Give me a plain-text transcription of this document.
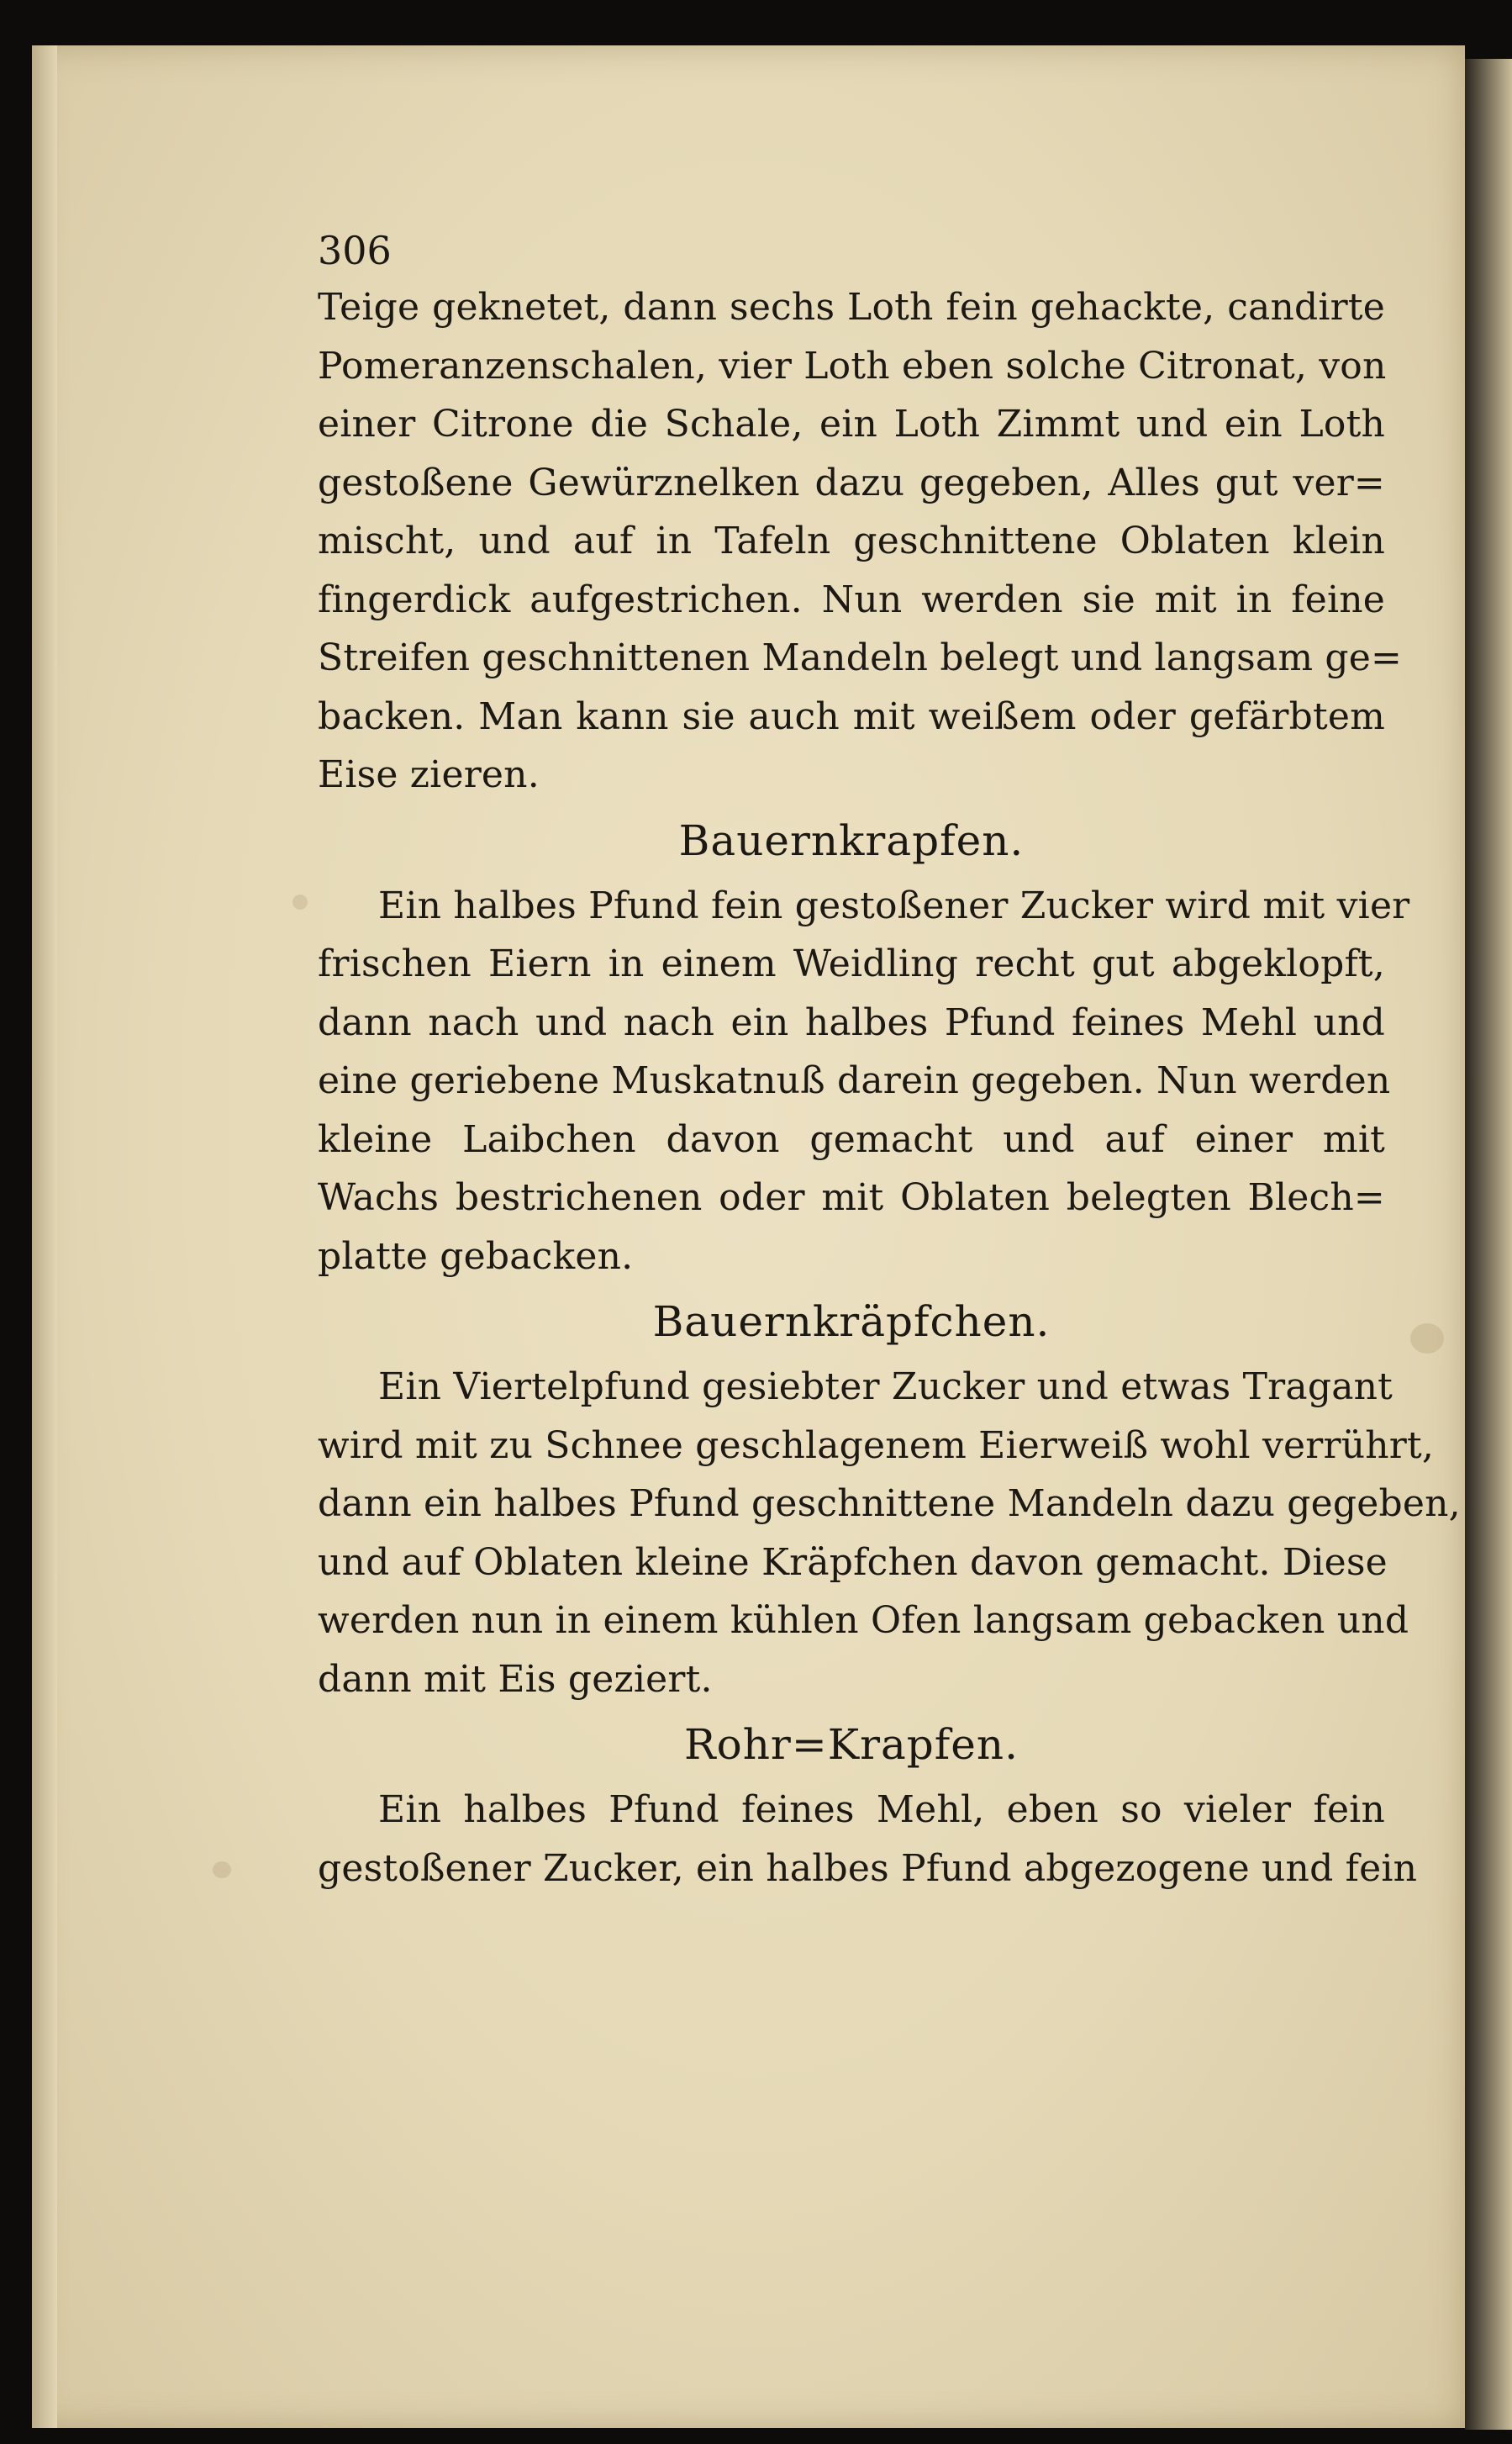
306
Teige geknetet, dann sechs Loth fein gehackte, candirte
Pomeranzenschalen, vier Loth eben solche Citronat, von
einer Citrone die Schale, ein Loth Zimmt und ein Loth
gestoßene Gewürznelken dazu gegeben, Alles gut ver=
mischt, und auf in Tafeln geschnittene Oblaten klein
fingerdick aufgestrichen. Nun werden sie mit in feine
Streifen geschnittenen Mandeln belegt und langsam ge=
backen. Man kann sie auch mit weißem oder gefärbtem
Eise zieren.
Bauernkrapfen.
Ein halbes Pfund fein gestoßener Zucker wird mit vier
frischen Eiern in einem Weidling recht gut abgeklopft,
dann nach und nach ein halbes Pfund feines Mehl und
eine geriebene Muskatnuß darein gegeben. Nun werden
kleine Laibchen davon gemacht und auf einer mit
Wachs bestrichenen oder mit Oblaten belegten Blech=
platte gebacken.
Bauernkräpfchen.
Ein Viertelpfund gesiebter Zucker und etwas Tragant
wird mit zu Schnee geschlagenem Eierweiß wohl verrührt,
dann ein halbes Pfund geschnittene Mandeln dazu gegeben,
und auf Oblaten kleine Kräpfchen davon gemacht. Diese
werden nun in einem kühlen Ofen langsam gebacken und
dann mit Eis geziert.
Rohr=Krapfen.
Ein halbes Pfund feines Mehl, eben so vieler fein
gestoßener Zucker, ein halbes Pfund abgezogene und fein
